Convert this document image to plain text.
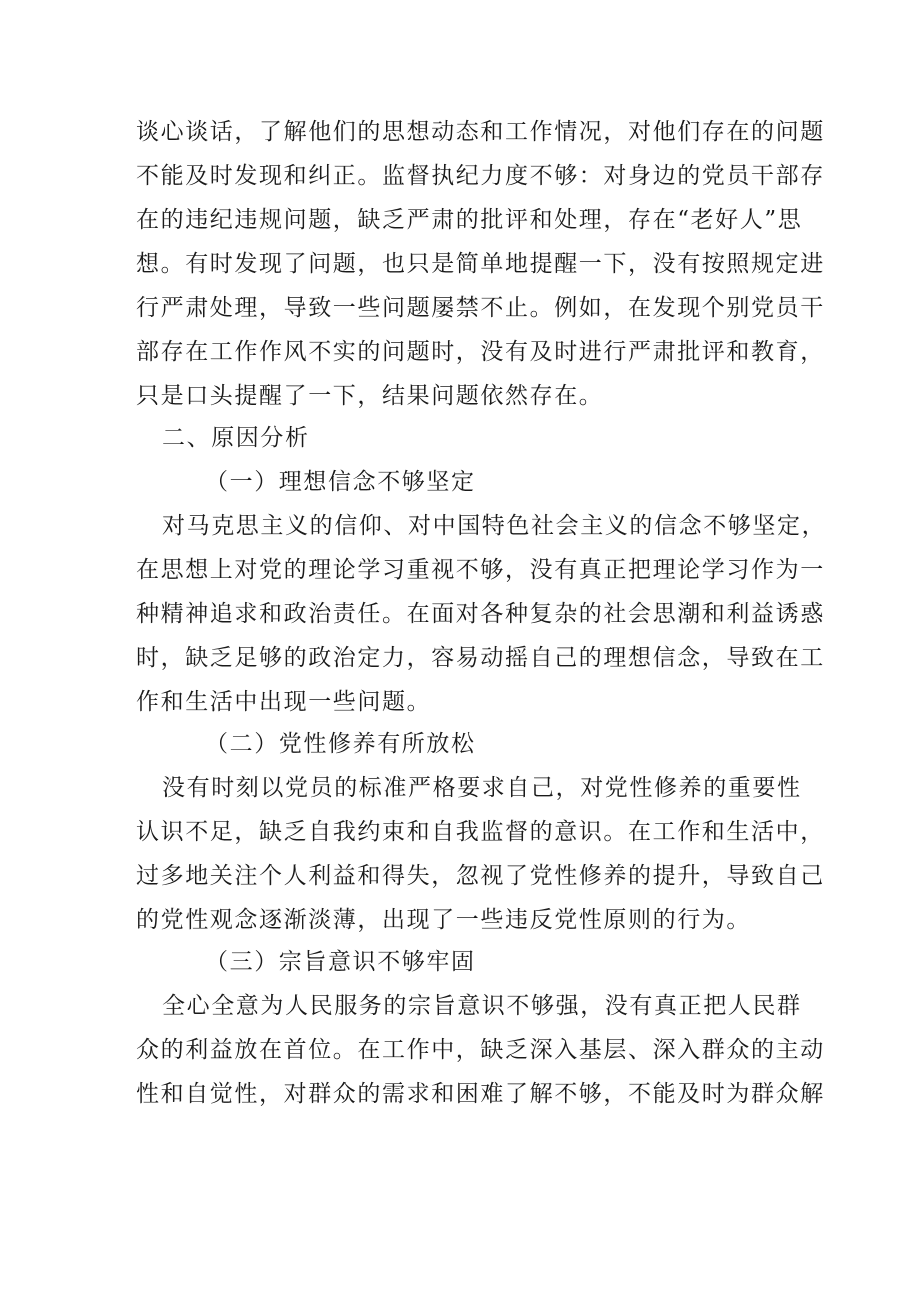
谈心谈话，了解他们的思想动态和工作情况，对他们存在的问题
不能及时发现和纠正。监督执纪力度不够：对身边的党员干部存
在的违纪违规问题，缺乏严肃的批评和处理，存在“老好人”思
想。有时发现了问题，也只是简单地提醒一下，没有按照规定进
行严肃处理，导致一些问题屡禁不止。例如，在发现个别党员干
部存在工作作风不实的问题时，没有及时进行严肃批评和教育，
只是口头提醒了一下，结果问题依然存在。
二、原因分析
（一）理想信念不够坚定
对马克思主义的信仰、对中国特色社会主义的信念不够坚定，
在思想上对党的理论学习重视不够，没有真正把理论学习作为一
种精神追求和政治责任。在面对各种复杂的社会思潮和利益诱惑
时，缺乏足够的政治定力，容易动摇自己的理想信念，导致在工
作和生活中出现一些问题。
（二）党性修养有所放松
没有时刻以党员的标准严格要求自己，对党性修养的重要性
认识不足，缺乏自我约束和自我监督的意识。在工作和生活中，
过多地关注个人利益和得失，忽视了党性修养的提升，导致自己
的党性观念逐渐淡薄，出现了一些违反党性原则的行为。
（三）宗旨意识不够牢固
全心全意为人民服务的宗旨意识不够强，没有真正把人民群
众的利益放在首位。在工作中，缺乏深入基层、深入群众的主动
性和自觉性，对群众的需求和困难了解不够，不能及时为群众解
